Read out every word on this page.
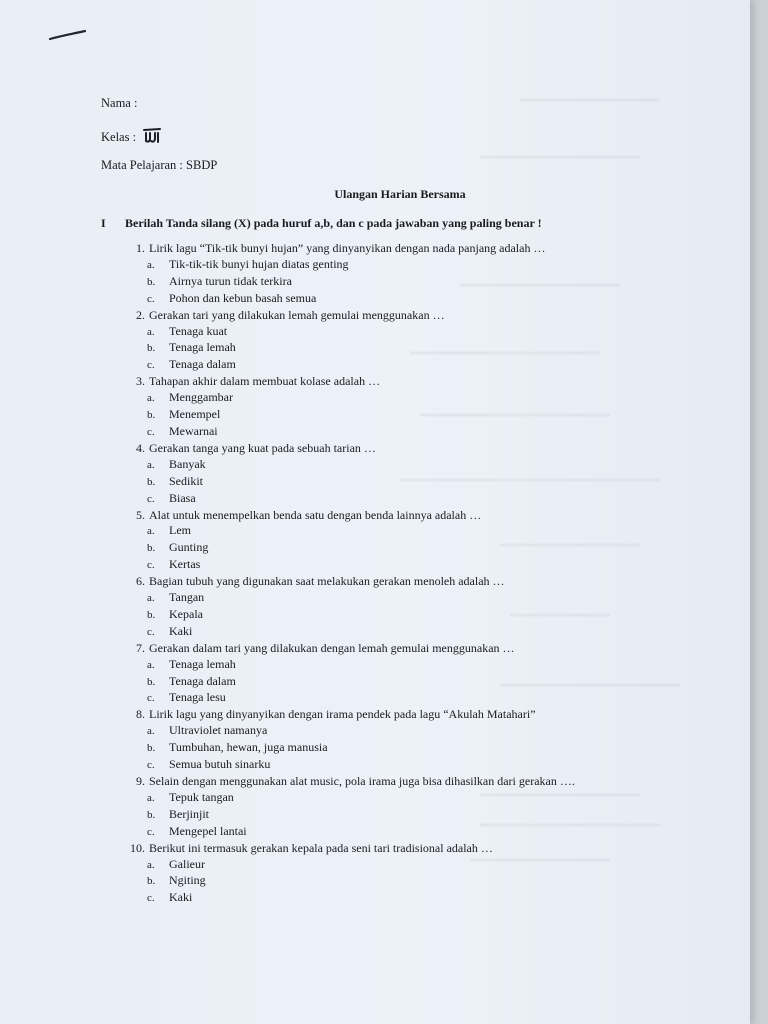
Nama :
Kelas :
Mata Pelajaran : SBDP
Ulangan Harian Bersama
I Berilah Tanda silang (X) pada huruf a,b, dan c pada jawaban yang paling benar !
1. Lirik lagu “Tik-tik bunyi hujan” yang dinyanyikan dengan nada panjang adalah …
a. Tik-tik-tik bunyi hujan diatas genting
b. Airnya turun tidak terkira
c. Pohon dan kebun basah semua
2. Gerakan tari yang dilakukan lemah gemulai menggunakan …
a. Tenaga kuat
b. Tenaga lemah
c. Tenaga dalam
3. Tahapan akhir dalam membuat kolase adalah …
a. Menggambar
b. Menempel
c. Mewarnai
4. Gerakan tanga yang kuat pada sebuah tarian …
a. Banyak
b. Sedikit
c. Biasa
5. Alat untuk menempelkan benda satu dengan benda lainnya adalah …
a. Lem
b. Gunting
c. Kertas
6. Bagian tubuh yang digunakan saat melakukan gerakan menoleh adalah …
a. Tangan
b. Kepala
c. Kaki
7. Gerakan dalam tari yang dilakukan dengan lemah gemulai menggunakan …
a. Tenaga lemah
b. Tenaga dalam
c. Tenaga lesu
8. Lirik lagu yang dinyanyikan dengan irama pendek pada lagu “Akulah Matahari”
a. Ultraviolet namanya
b. Tumbuhan, hewan, juga manusia
c. Semua butuh sinarku
9. Selain dengan menggunakan alat music, pola irama juga bisa dihasilkan dari gerakan ….
a. Tepuk tangan
b. Berjinjit
c. Mengepel lantai
10. Berikut ini termasuk gerakan kepala pada seni tari tradisional adalah …
a. Galieur
b. Ngiting
c. Kaki
